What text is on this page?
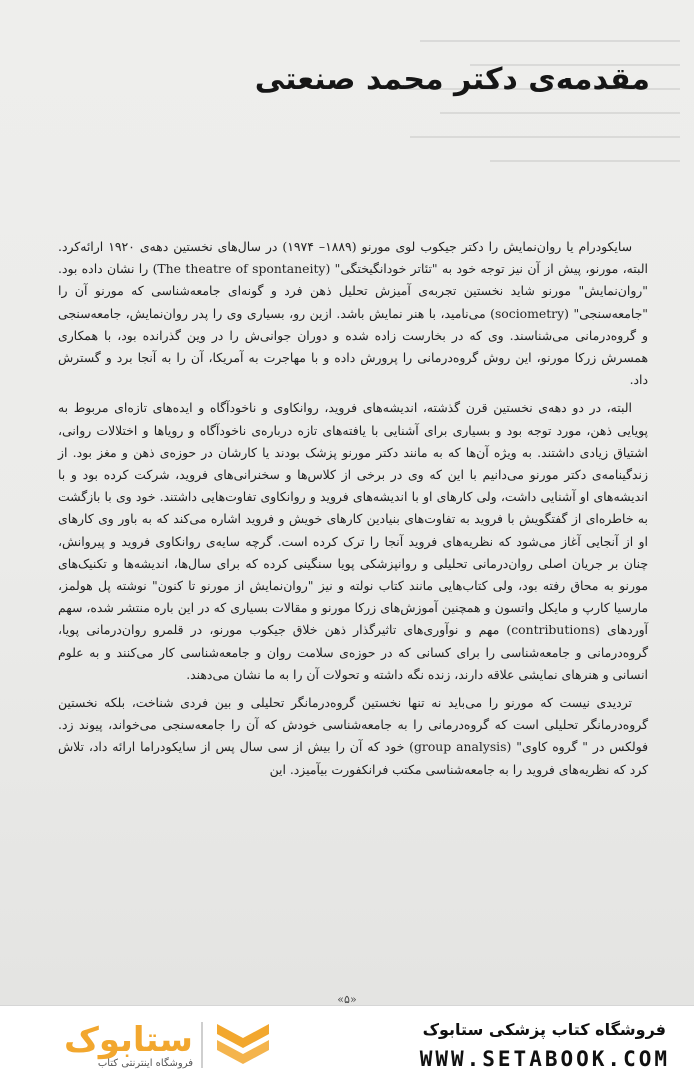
مقدمه‌ی دکتر محمد صنعتی

سایکودرام یا روان‌نمایش را دکتر جیکوب لوی مورنو (۱۸۸۹– ۱۹۷۴) در سال‌های نخستین دهه‌ی ۱۹۲۰ ارائه‌کرد. البته، مورنو، پیش از آن نیز توجه خود به "تئاتر خودانگیختگی" (The theatre of spontaneity) را نشان داده بود. "روان‌نمایش" مورنو شاید نخستین تجربه‌ی آمیزش تحلیل ذهن فرد و گونه‌ای جامعه‌شناسی که مورنو آن را "جامعه‌سنجی" (sociometry) می‌نامید، با هنر نمایش باشد. ازین رو، بسیاری وی را پدر روان‌نمایش، جامعه‌سنجی و گروه‌درمانی می‌شناسند. وی که در بخارست زاده شده و دوران جوانی‌ش را در وین گذرانده بود، با همکاری همسرش زرکا مورنو، این روش گروه‌درمانی را پرورش داده و با مهاجرت به آمریکا، آن را به آنجا برد و گسترش داد.

البته، در دو دهه‌ی نخستین قرن گذشته، اندیشه‌های فروید، روانکاوی و ناخودآگاه و ایده‌های تازه‌ای مربوط به پویایی ذهن، مورد توجه بود و بسیاری برای آشنایی با یافته‌های تازه درباره‌ی ناخودآگاه و رویاها و اختلالات روانی، اشتیاق زیادی داشتند. به ویژه آن‌ها که به مانند دکتر مورنو پزشک بودند یا کارشان در حوزه‌ی ذهن و مغز بود. از زندگینامه‌ی دکتر مورنو می‌دانیم با این که وی در برخی از کلاس‌ها و سخنرانی‌های فروید، شرکت کرده بود و با اندیشه‌های او آشنایی داشت، ولی کارهای او با اندیشه‌های فروید و روانکاوی تفاوت‌هایی داشتند. خود وی با بازگشت به خاطره‌ای از گفتگویش با فروید به تفاوت‌های بنیادین کارهای خویش و فروید اشاره می‌کند که به باور وی کارهای او از آنجایی آغاز می‌شود که نظریه‌های فروید آنجا را ترک کرده است. گرچه سایه‌ی روانکاوی فروید و پیروانش، چنان بر جریان اصلی روان‌درمانی تحلیلی و روانپزشکی پویا سنگینی کرده که برای سال‌ها، اندیشه‌ها و تکنیک‌های مورنو به محاق رفته بود، ولی کتاب‌هایی مانند کتاب نولته و نیز "روان‌نمایش از مورنو تا کنون" نوشته پل هولمز، مارسیا کارپ و مایکل واتسون و همچنین آموزش‌های زرکا مورنو و مقالات بسیاری که در این باره منتشر شده، سهم آوردهای (contributions) مهم و نوآوری‌های تاثیرگذار ذهن خلاق جیکوب مورنو، در قلمرو روان‌درمانی پویا، گروه‌درمانی و جامعه‌شناسی را برای کسانی که در حوزه‌ی سلامت روان و جامعه‌شناسی کار می‌کنند و به علوم انسانی و هنرهای نمایشی علاقه دارند، زنده نگه داشته و تحولات آن را به ما نشان می‌دهند.

تردیدی نیست که مورنو را می‌باید نه تنها نخستین گروه‌درمانگر تحلیلی و بین فردی شناخت، بلکه نخستین گروه‌درمانگر تحلیلی است که گروه‌درمانی را به جامعه‌شناسی خودش که آن را جامعه‌سنجی می‌خواند، پیوند زد. فولکس در " گروه کاوی" (group analysis) خود که آن را بیش از سی سال پس از سایکودراما ارائه داد، تلاش کرد که نظریه‌های فروید را به جامعه‌شناسی مکتب فرانکفورت بیآمیزد. این

«۵»
ستابوک
فروشگاه اینترنتی کتاب
فروشگاه کتاب پزشکی ستابوک
WWW.SETABOOK.COM
